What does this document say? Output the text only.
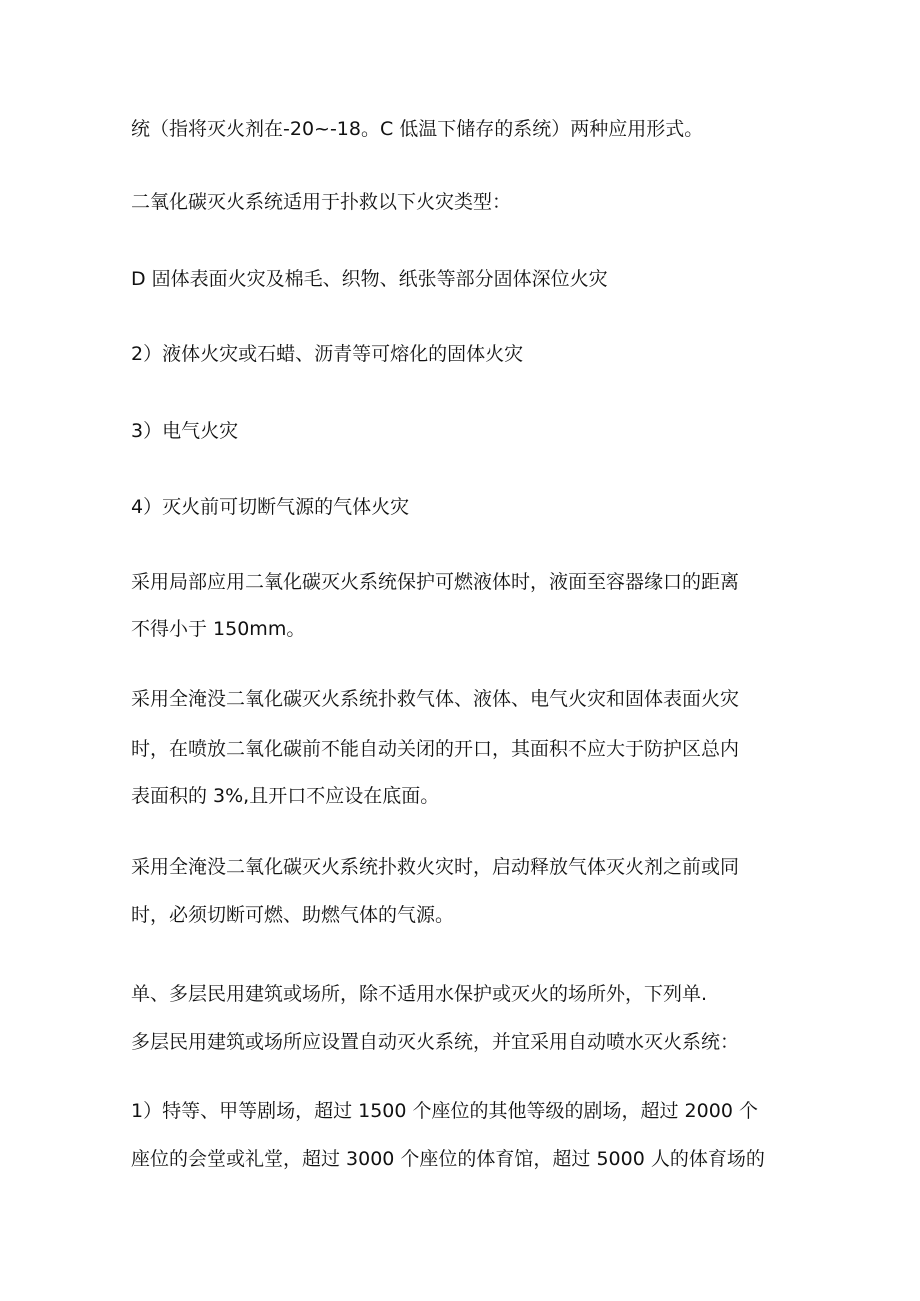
统（指将灭火剂在-20~-18。C 低温下储存的系统）两种应用形式。

二氧化碳灭火系统适用于扑救以下火灾类型：

D 固体表面火灾及棉毛、织物、纸张等部分固体深位火灾

2）液体火灾或石蜡、沥青等可熔化的固体火灾

3）电气火灾

4）灭火前可切断气源的气体火灾

采用局部应用二氧化碳灭火系统保护可燃液体时，液面至容器缘口的距离

不得小于 150mm。

采用全淹没二氧化碳灭火系统扑救气体、液体、电气火灾和固体表面火灾

时，在喷放二氧化碳前不能自动关闭的开口，其面积不应大于防护区总内

表面积的 3%,且开口不应设在底面。

采用全淹没二氧化碳灭火系统扑救火灾时，启动释放气体灭火剂之前或同

时，必须切断可燃、助燃气体的气源。

单、多层民用建筑或场所，除不适用水保护或灭火的场所外，下列单.

多层民用建筑或场所应设置自动灭火系统，并宜采用自动喷水灭火系统：

1）特等、甲等剧场，超过 1500 个座位的其他等级的剧场，超过 2000 个

座位的会堂或礼堂，超过 3000 个座位的体育馆，超过 5000 人的体育场的
